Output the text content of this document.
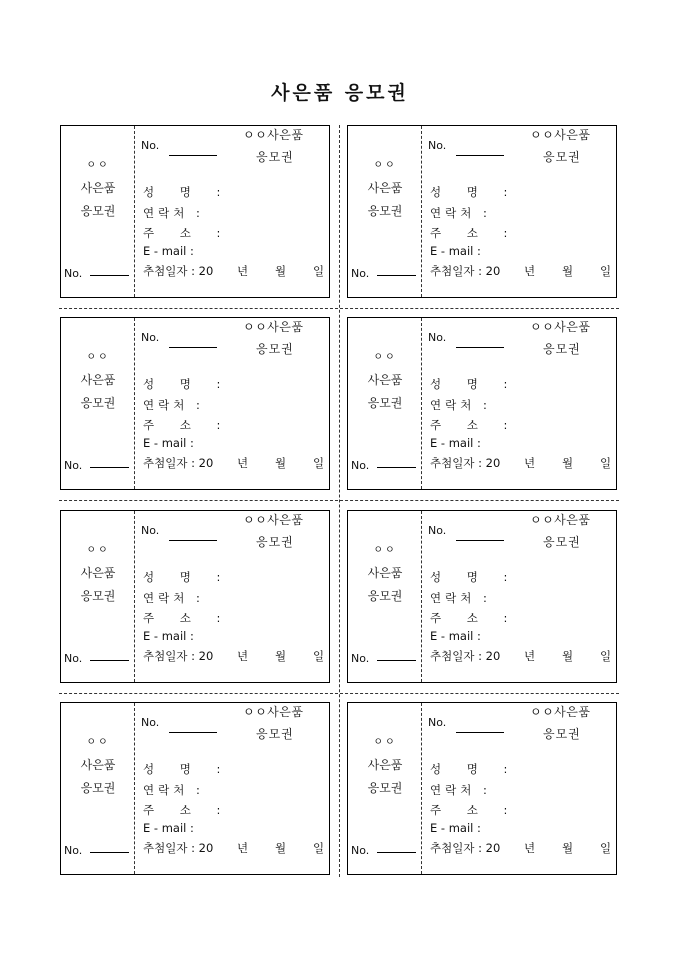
사은품 응모권
ㅇㅇ
사은품
응모권
No.
No.
ㅇㅇ사은품
응모권
성 명 :
연락처 :
주 소 :
E - mail :
추첨일자 : 20 년 월 일
ㅇㅇ
사은품
응모권
No.
No.
ㅇㅇ사은품
응모권
성 명 :
연락처 :
주 소 :
E - mail :
추첨일자 : 20 년 월 일
ㅇㅇ
사은품
응모권
No.
No.
ㅇㅇ사은품
응모권
성 명 :
연락처 :
주 소 :
E - mail :
추첨일자 : 20 년 월 일
ㅇㅇ
사은품
응모권
No.
No.
ㅇㅇ사은품
응모권
성 명 :
연락처 :
주 소 :
E - mail :
추첨일자 : 20 년 월 일
ㅇㅇ
사은품
응모권
No.
No.
ㅇㅇ사은품
응모권
성 명 :
연락처 :
주 소 :
E - mail :
추첨일자 : 20 년 월 일
ㅇㅇ
사은품
응모권
No.
No.
ㅇㅇ사은품
응모권
성 명 :
연락처 :
주 소 :
E - mail :
추첨일자 : 20 년 월 일
ㅇㅇ
사은품
응모권
No.
No.
ㅇㅇ사은품
응모권
성 명 :
연락처 :
주 소 :
E - mail :
추첨일자 : 20 년 월 일
ㅇㅇ
사은품
응모권
No.
No.
ㅇㅇ사은품
응모권
성 명 :
연락처 :
주 소 :
E - mail :
추첨일자 : 20 년 월 일
